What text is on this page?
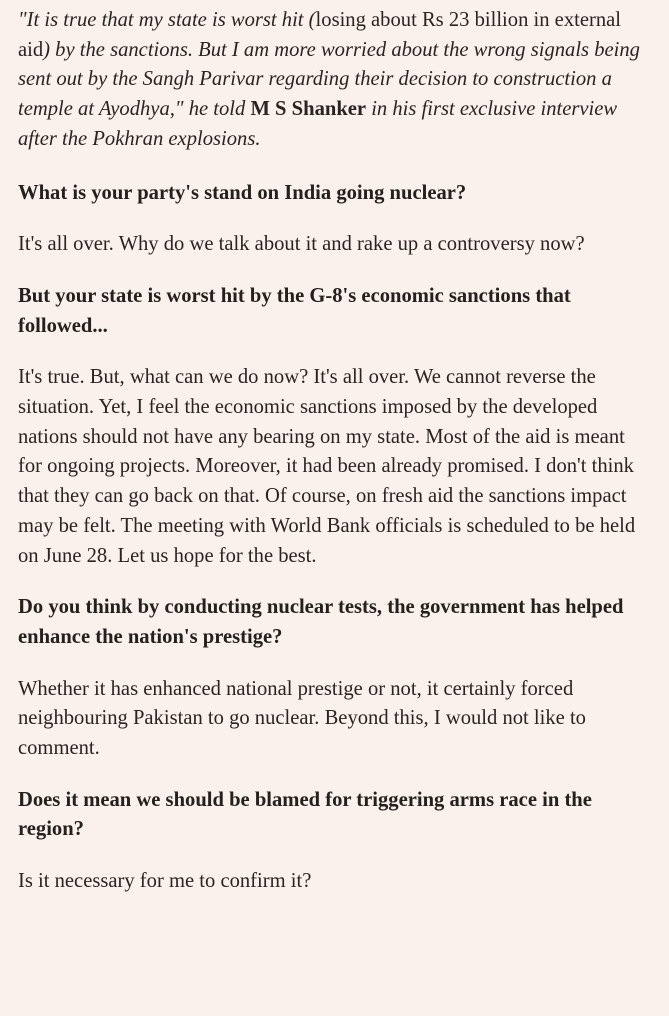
"It is true that my state is worst hit (losing about Rs 23 billion in external aid) by the sanctions. But I am more worried about the wrong signals being sent out by the Sangh Parivar regarding their decision to construction a temple at Ayodhya," he told M S Shanker in his first exclusive interview after the Pokhran explosions.

What is your party's stand on India going nuclear?

It's all over. Why do we talk about it and rake up a controversy now?

But your state is worst hit by the G-8's economic sanctions that followed...

It's true. But, what can we do now? It's all over. We cannot reverse the situation. Yet, I feel the economic sanctions imposed by the developed nations should not have any bearing on my state. Most of the aid is meant for ongoing projects. Moreover, it had been already promised. I don't think that they can go back on that. Of course, on fresh aid the sanctions impact may be felt. The meeting with World Bank officials is scheduled to be held on June 28. Let us hope for the best.

Do you think by conducting nuclear tests, the government has helped enhance the nation's prestige?

Whether it has enhanced national prestige or not, it certainly forced neighbouring Pakistan to go nuclear. Beyond this, I would not like to comment.

Does it mean we should be blamed for triggering arms race in the region?

Is it necessary for me to confirm it?
